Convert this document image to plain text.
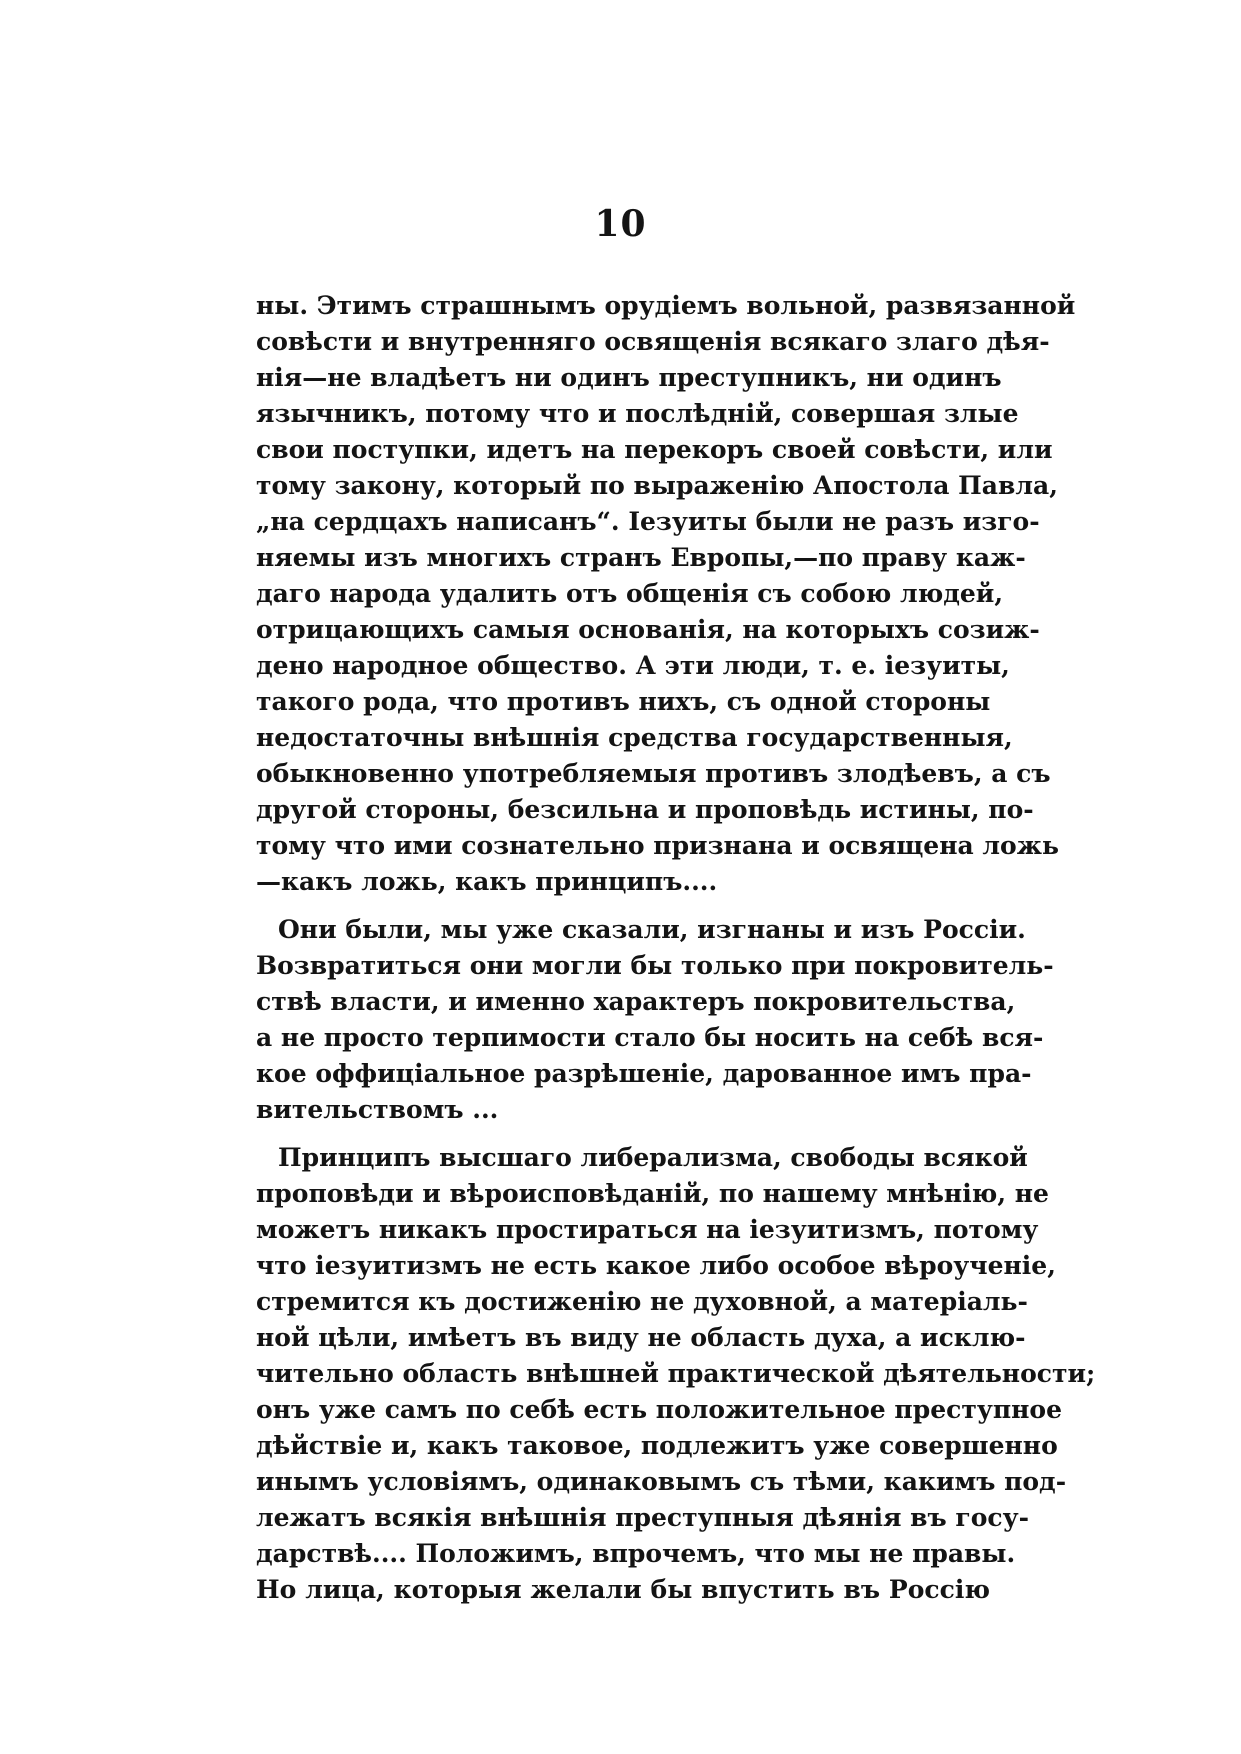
10
ны. Этимъ страшнымъ орудіемъ вольной, развязанной
совѣсти и внутренняго освященія всякаго злаго дѣя-
нія—не владѣетъ ни одинъ преступникъ, ни одинъ
язычникъ, потому что и послѣдній, совершая злые
свои поступки, идетъ на перекоръ своей совѣсти, или
тому закону, который по выраженію Апостола Павла,
„на сердцахъ написанъ“. Іезуиты были не разъ изго-
няемы изъ многихъ странъ Европы,—по праву каж-
даго народа удалить отъ общенія съ собою людей,
отрицающихъ самыя основанія, на которыхъ созиж-
дено народное общество. А эти люди, т. е. іезуиты,
такого рода, что противъ нихъ, съ одной стороны
недостаточны внѣшнія средства государственныя,
обыкновенно употребляемыя противъ злодѣевъ, а съ
другой стороны, безсильна и проповѣдь истины, по-
тому что ими сознательно признана и освящена ложь
—какъ ложь, какъ принципъ....
Они были, мы уже сказали, изгнаны и изъ Россіи.
Возвратиться они могли бы только при покровитель-
ствѣ власти, и именно характеръ покровительства,
а не просто терпимости стало бы носить на себѣ вся-
кое оффиціальное разрѣшеніе, дарованное имъ пра-
вительствомъ ...
Принципъ высшаго либерализма, свободы всякой
проповѣди и вѣроисповѣданій, по нашему мнѣнію, не
можетъ никакъ простираться на іезуитизмъ, потому
что іезуитизмъ не есть какое либо особое вѣроученіе,
стремится къ достиженію не духовной, а матеріаль-
ной цѣли, имѣетъ въ виду не область духа, а исклю-
чительно область внѣшней практической дѣятельности;
онъ уже самъ по себѣ есть положительное преступное
дѣйствіе и, какъ таковое, подлежитъ уже совершенно
инымъ условіямъ, одинаковымъ съ тѣми, какимъ под-
лежатъ всякія внѣшнія преступныя дѣянія въ госу-
дарствѣ.... Положимъ, впрочемъ, что мы не правы.
Но лица, которыя желали бы впустить въ Россію
